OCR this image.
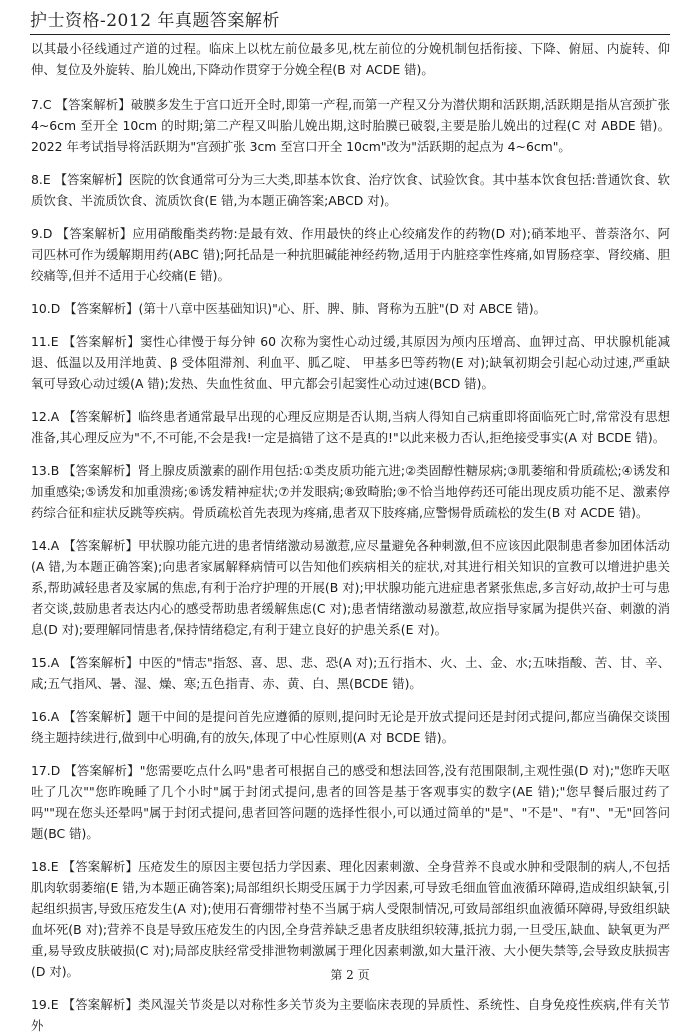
护士资格-2012 年真题答案解析

以其最小径线通过产道的过程。临床上以枕左前位最多见,枕左前位的分娩机制包括衔接、下降、俯屈、内旋转、仰伸、复位及外旋转、胎儿娩出,下降动作贯穿于分娩全程(B 对 ACDE 错)。

7.C 【答案解析】破膜多发生于宫口近开全时,即第一产程,而第一产程又分为潜伏期和活跃期,活跃期是指从宫颈扩张 4~6cm 至开全 10cm 的时期;第二产程又叫胎儿娩出期,这时胎膜已破裂,主要是胎儿娩出的过程(C 对 ABDE 错)。2022 年考试指导将活跃期为"宫颈扩张 3cm 至宫口开全 10cm"改为"活跃期的起点为 4~6cm"。

8.E 【答案解析】医院的饮食通常可分为三大类,即基本饮食、治疗饮食、试验饮食。其中基本饮食包括:普通饮食、软质饮食、半流质饮食、流质饮食(E 错,为本题正确答案;ABCD 对)。

9.D 【答案解析】应用硝酸酯类药物:是最有效、作用最快的终止心绞痛发作的药物(D 对);硝苯地平、普萘洛尔、阿司匹林可作为缓解期用药(ABC 错);阿托品是一种抗胆碱能神经药物,适用于内脏痉挛性疼痛,如胃肠痉挛、肾绞痛、胆绞痛等,但并不适用于心绞痛(E 错)。

10.D 【答案解析】(第十八章中医基础知识)"心、肝、脾、肺、肾称为五脏"(D 对 ABCE 错)。

11.E 【答案解析】窦性心律慢于每分钟 60 次称为窦性心动过缓,其原因为颅内压增高、血钾过高、甲状腺机能减退、低温以及用洋地黄、β 受体阻滞剂、利血平、胍乙啶、 甲基多巴等药物(E 对);缺氧初期会引起心动过速,严重缺氧可导致心动过缓(A 错);发热、失血性贫血、甲亢都会引起窦性心动过速(BCD 错)。

12.A 【答案解析】临终患者通常最早出现的心理反应期是否认期,当病人得知自己病重即将面临死亡时,常常没有思想准备,其心理反应为"不,不可能,不会是我!一定是搞错了这不是真的!"以此来极力否认,拒绝接受事实(A 对 BCDE 错)。

13.B 【答案解析】肾上腺皮质激素的副作用包括:①类皮质功能亢进;②类固醇性糖尿病;③肌萎缩和骨质疏松;④诱发和加重感染;⑤诱发和加重溃疡;⑥诱发精神症状;⑦并发眼病;⑧致畸胎;⑨不恰当地停药还可能出现皮质功能不足、激素停药综合征和症状反跳等疾病。骨质疏松首先表现为疼痛,患者双下肢疼痛,应警惕骨质疏松的发生(B 对 ACDE 错)。

14.A 【答案解析】甲状腺功能亢进的患者情绪激动易激惹,应尽量避免各种刺激,但不应该因此限制患者参加团体活动(A 错,为本题正确答案);向患者家属解释病情可以告知他们疾病相关的症状,对其进行相关知识的宣教可以增进护患关系,帮助减轻患者及家属的焦虑,有利于治疗护理的开展(B 对);甲状腺功能亢进症患者紧张焦虑,多言好动,故护士可与患者交谈,鼓励患者表达内心的感受帮助患者缓解焦虑(C 对);患者情绪激动易激惹,故应指导家属为提供兴奋、刺激的消息(D 对);要理解同情患者,保持情绪稳定,有利于建立良好的护患关系(E 对)。

15.A 【答案解析】中医的"情志"指怒、喜、思、悲、恐(A 对);五行指木、火、土、金、水;五味指酸、苦、甘、辛、咸;五气指风、暑、湿、燥、寒;五色指青、赤、黄、白、黑(BCDE 错)。

16.A 【答案解析】题干中间的是提问首先应遵循的原则,提问时无论是开放式提问还是封闭式提问,都应当确保交谈围绕主题持续进行,做到中心明确,有的放矢,体现了中心性原则(A 对 BCDE 错)。

17.D 【答案解析】"您需要吃点什么吗"患者可根据自己的感受和想法回答,没有范围限制,主观性强(D 对);"您昨天呕吐了几次""您昨晚睡了几个小时"属于封闭式提问,患者的回答是基于客观事实的数字(AE 错);"您早餐后服过药了吗""现在您头还晕吗"属于封闭式提问,患者回答问题的选择性很小,可以通过简单的"是"、"不是"、"有"、"无"回答问题(BC 错)。

18.E 【答案解析】压疮发生的原因主要包括力学因素、理化因素刺激、全身营养不良或水肿和受限制的病人,不包括肌肉软弱萎缩(E 错,为本题正确答案);局部组织长期受压属于力学因素,可导致毛细血管血液循环障碍,造成组织缺氧,引起组织损害,导致压疮发生(A 对);使用石膏绷带衬垫不当属于病人受限制情况,可致局部组织血液循环障碍,导致组织缺血坏死(B 对);营养不良是导致压疮发生的内因,全身营养缺乏患者皮肤组织较薄,抵抗力弱,一旦受压,缺血、缺氧更为严重,易导致皮肤破损(C 对);局部皮肤经常受排泄物刺激属于理化因素刺激,如大量汗液、大小便失禁等,会导致皮肤损害(D 对)。

19.E 【答案解析】类风湿关节炎是以对称性多关节炎为主要临床表现的异质性、系统性、自身免疫性疾病,伴有关节外

第 2 页
